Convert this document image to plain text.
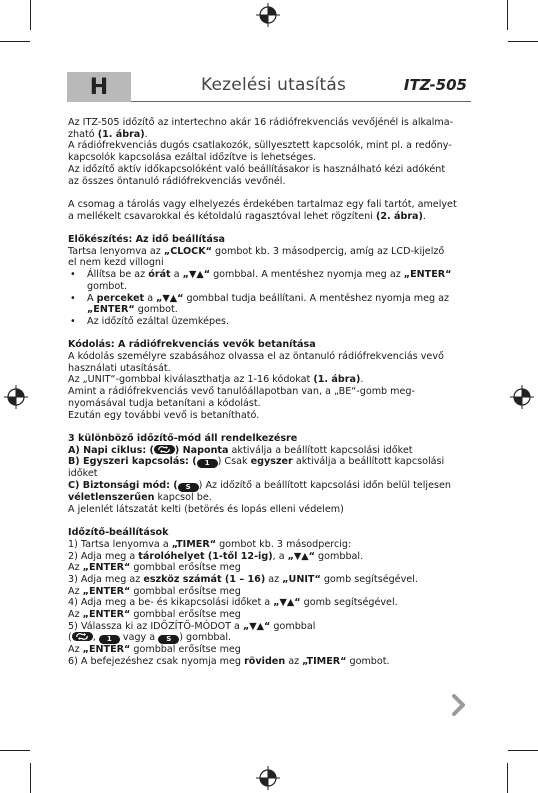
H	Kezelési utasítás	ITZ-505

Az ITZ-505 időzítő az intertechno akár 16 rádiófrekvenciás vevőjénél is alkalma-

zható (1. ábra).

A rádiófrekvenciás dugós csatlakozók, süllyesztett kapcsolók, mint pl. a redőny-

kapcsolók kapcsolása ezáltal időzítve is lehetséges.

Az időzítő aktív időkapcsolóként való beállításakor is használható kézi adóként

az összes öntanuló rádiófrekvenciás vevőnél.

A csomag a tárolás vagy elhelyezés érdekében tartalmaz egy fali tartót, amelyet

a mellékelt csavarokkal és kétoldalú ragasztóval lehet rögzíteni (2. ábra).

Előkészítés: Az idő beállítása

Tartsa lenyomva az „CLOCK“ gombot kb. 3 másodpercig, amíg az LCD-kijelző

el nem kezd villogni

• Állítsa be az órát a „▼▲“ gombbal. A mentéshez nyomja meg az „ENTER“

gombot.

• A perceket a „▼▲“ gombbal tudja beállítani. A mentéshez nyomja meg az

„ENTER“ gombot.

• Az időzítő ezáltal üzemképes.

Kódolás: A rádiófrekvenciás vevők betanítása

A kódolás személyre szabásához olvassa el az öntanuló rádiófrekvenciás vevő

használati utasítását.

Az „UNIT“-gombbal kiválaszthatja az 1-16 kódokat (1. ábra).

Amint a rádiófrekvenciás vevő tanulóállapotban van, a „BE“-gomb meg-

nyomásával tudja betanítani a kódolást.

Ezután egy további vevő is betanítható.

3 különböző időzítő-mód áll rendelkezésre

A) Napi ciklus: ( ) Naponta aktiválja a beállított kapcsolási időket

B) Egyszeri kapcsolás: ( 1 ) Csak egyszer aktiválja a beállított kapcsolási

időket

C) Biztonsági mód: ( S ) Az időzítő a beállított kapcsolási időn belül teljesen

véletlenszerűen kapcsol be.

A jelenlét látszatát kelti (betörés és lopás elleni védelem)

Időzítő-beállítások

1) Tartsa lenyomva a „TIMER“ gombot kb. 3 másodpercig:

2) Adja meg a tárolóhelyet (1-től 12-ig), a „▼▲“ gombbal.

Az „ENTER“ gombbal erősítse meg

3) Adja meg az eszköz számát (1 – 16) az „UNIT“ gomb segítségével.

Az „ENTER“ gombbal erősítse meg

4) Adja meg a be- és kikapcsolási időket a „▼▲“ gomb segítségével.

Az „ENTER“ gombbal erősítse meg

5) Válassza ki az IDŐZÍTŐ-MÓDOT a „▼▲“ gombbal

( , 1 vagy a S ) gombbal.

Az „ENTER“ gombbal erősítse meg

6) A befejezéshez csak nyomja meg röviden az „TIMER“ gombot.
